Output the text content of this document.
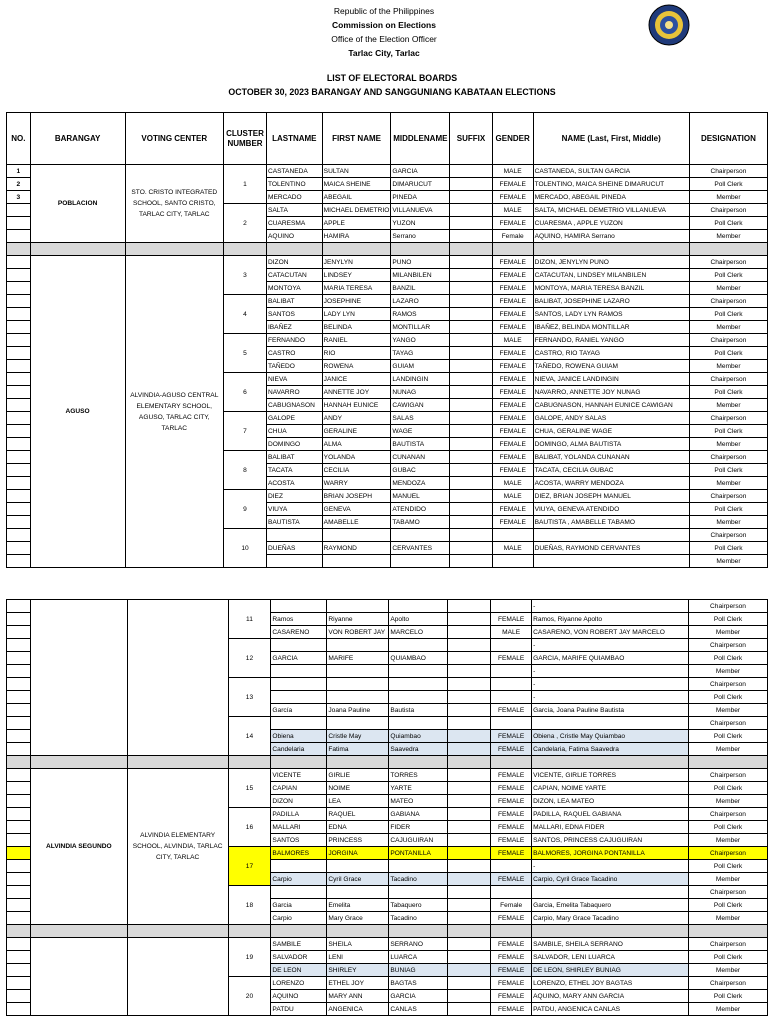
Republic of the Philippines
Commission on Elections
Office of the Election Officer
Tarlac City, Tarlac
LIST OF ELECTORAL BOARDS
OCTOBER 30, 2023 BARANGAY AND SANGGUNIANG KABATAAN ELECTIONS
NO.	BARANGAY	VOTING CENTER	CLUSTER NUMBER	LASTNAME	FIRST NAME	MIDDLENAME	SUFFIX	GENDER	NAME (Last, First, Middle)	DESIGNATION
1	POBLACION	STO. CRISTO INTEGRATED SCHOOL, SANTO CRISTO, TARLAC CITY, TARLAC	1	CASTANEDA	SULTAN	GARCIA		MALE	CASTANEDA, SULTAN GARCIA	Chairperson
2				TOLENTINO	MAICA SHEINE	DIMARUCUT		FEMALE	TOLENTINO, MAICA SHEINE DIMARUCUT	Poll Clerk
3				MERCADO	ABEGAIL	PINEDA		FEMALE	MERCADO, ABEGAIL PINEDA	Member
			2	SALTA	MICHAEL DEMETRIO	VILLANUEVA		MALE	SALTA, MICHAEL DEMETRIO VILLANUEVA	Chairperson
				CUARESMA	APPLE	YUZON		FEMALE	CUARESMA , APPLE YUZON	Poll Clerk
				AQUINO	HAMIRA	Serrano		Female	AQUINO, HAMIRA Serrano	Member

	AGUSO	ALVINDIA-AGUSO CENTRAL ELEMENTARY SCHOOL, AGUSO, TARLAC CITY, TARLAC	3	DIZON	JENYLYN	PUNO		FEMALE	DIZON, JENYLYN PUNO	Chairperson
				CATACUTAN	LINDSEY	MILANBILEN		FEMALE	CATACUTAN, LINDSEY MILANBILEN	Poll Clerk
				MONTOYA	MARIA TERESA	BANZIL		FEMALE	MONTOYA, MARIA TERESA BANZIL	Member
			4	BALIBAT	JOSEPHINE	LAZARO		FEMALE	BALIBAT, JOSEPHINE LAZARO	Chairperson
				SANTOS	LADY LYN	RAMOS		FEMALE	SANTOS, LADY LYN RAMOS	Poll Clerk
				IBAÑEZ	BELINDA	MONTILLAR		FEMALE	IBAÑEZ, BELINDA MONTILLAR	Member
			5	FERNANDO	RANIEL	YANGO		MALE	FERNANDO, RANIEL YANGO	Chairperson
				CASTRO	RIO	TAYAG		FEMALE	CASTRO, RIO TAYAG	Poll Clerk
				TAÑEDO	ROWENA	GUIAM		FEMALE	TAÑEDO, ROWENA GUIAM	Member
			6	NIEVA	JANICE	LANDINGIN		FEMALE	NIEVA, JANICE LANDINGIN	Chairperson
				NAVARRO	ANNETTE JOY	NUNAG		FEMALE	NAVARRO, ANNETTE JOY NUNAG	Poll Clerk
				CABUGNASON	HANNAH EUNICE	CAWIGAN		FEMALE	CABUGNASON, HANNAH EUNICE CAWIGAN	Member
			7	GALOPE	ANDY	SALAS		FEMALE	GALOPE, ANDY SALAS	Chairperson
				CHUA	GERALINE	WAGE		FEMALE	CHUA, GERALINE WAGE	Poll Clerk
				DOMINGO	ALMA	BAUTISTA		FEMALE	DOMINGO, ALMA BAUTISTA	Member
			8	BALIBAT	YOLANDA	CUNANAN		FEMALE	BALIBAT, YOLANDA CUNANAN	Chairperson
				TACATA	CECILIA	GUBAC		FEMALE	TACATA, CECILIA GUBAC	Poll Clerk
				ACOSTA	WARRY	MENDOZA		MALE	ACOSTA, WARRY MENDOZA	Member
			9	DIEZ	BRIAN JOSEPH	MANUEL		MALE	DIEZ, BRIAN JOSEPH MANUEL	Chairperson
				VIUYA	GENEVA	ATENDIDO		FEMALE	VIUYA, GENEVA ATENDIDO	Poll Clerk
				BAUTISTA	AMABELLE	TABAMO		FEMALE	BAUTISTA , AMABELLE TABAMO	Member
			10							Chairperson
				DUEÑAS	RAYMOND	CERVANTES		MALE	DUEÑAS, RAYMOND CERVANTES	Poll Clerk
										Member
			11						-	Chairperson
				Ramos	Riyanne	Apolto		FEMALE	Ramos, Riyanne Apolto	Poll Clerk
				CASARENO	VON ROBERT JAY	MARCELO		MALE	CASARENO, VON ROBERT JAY MARCELO	Member
			12						-	Chairperson
				GARCIA	MARIFE	QUIAMBAO		FEMALE	GARCIA, MARIFE QUIAMBAO	Poll Clerk
									-	Member
			13						-	Chairperson
									-	Poll Clerk
				García	Joana Pauline	Bautista		FEMALE	García, Joana Pauline Bautista	Member
			14							Chairperson
				Obiena	Cristle May	Quiambao		FEMALE	Obiena , Cristle May Quiambao	Poll Clerk
				Candelaria	Fatima	Saavedra		FEMALE	Candelaria, Fatima Saavedra	Member

	ALVINDIA SEGUNDO	ALVINDIA ELEMENTARY SCHOOL, ALVINDIA, TARLAC CITY, TARLAC	15	VICENTE	GIRLIE	TORRES		FEMALE	VICENTE, GIRLIE TORRES	Chairperson
				CAPIAN	NOIME	YARTE		FEMALE	CAPIAN, NOIME YARTE	Poll Clerk
				DIZON	LEA	MATEO		FEMALE	DIZON, LEA MATEO	Member
			16	PADILLA	RAQUEL	GABIANA		FEMALE	PADILLA, RAQUEL GABIANA	Chairperson
				MALLARI	EDNA	FIDER		FEMALE	MALLARI, EDNA FIDER	Poll Clerk
				SANTOS	PRINCESS	CAJUGUIRAN		FEMALE	SANTOS, PRINCESS CAJUGUIRAN	Member
			17	BALMORES	JORGINA	PONTANILLA		FEMALE	BALMORES, JORGINA PONTANILLA	Chairperson
									-	Poll Clerk
				Carpio	Cyril Grace	Tacadino		FEMALE	Carpio, Cyril Grace Tacadino	Member
			18							Chairperson
				Garcia	Emelita	Tabaquero		Female	Garcia, Emelita Tabaquero	Poll Clerk
				Carpio	Mary Grace	Tacadino		FEMALE	Carpio, Mary Grace Tacadino	Member

			19	SAMBILE	SHEILA	SERRANO		FEMALE	SAMBILE, SHEILA SERRANO	Chairperson
				SALVADOR	LENI	LUARCA		FEMALE	SALVADOR, LENI LUARCA	Poll Clerk
				DE LEON	SHIRLEY	BUNIAG		FEMALE	DE LEON, SHIRLEY BUNIAG	Member
			20	LORENZO	ETHEL JOY	BAGTAS		FEMALE	LORENZO, ETHEL JOY BAGTAS	Chairperson
				AQUINO	MARY ANN	GARCIA		FEMALE	AQUINO, MARY ANN GARCIA	Poll Clerk
				PATDU	ANGENICA	CANLAS		FEMALE	PATDU, ANGENICA CANLAS	Member
